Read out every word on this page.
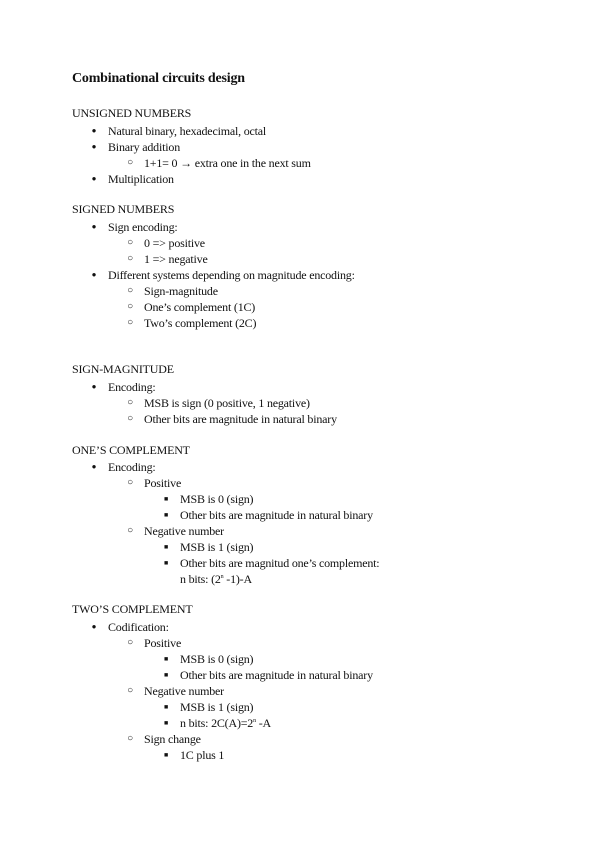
Combinational circuits design
UNSIGNED NUMBERS
●
Natural binary, hexadecimal, octal
●
Binary addition
○
1+1= 0 → extra one in the next sum
●
Multiplication
SIGNED NUMBERS
●
Sign encoding:
○
0 => positive
○
1 => negative
●
Different systems depending on magnitude encoding:
○
Sign-magnitude
○
One’s complement (1C)
○
Two’s complement (2C)
SIGN-MAGNITUDE
●
Encoding:
○
MSB is sign (0 positive, 1 negative)
○
Other bits are magnitude in natural binary
ONE’S COMPLEMENT
●
Encoding:
○
Positive
■
MSB is 0 (sign)
■
Other bits are magnitude in natural binary
○
Negative number
■
MSB is 1 (sign)
■
Other bits are magnitud one’s complement:
n bits: (2$^n$ -1)-A
TWO’S COMPLEMENT
●
Codification:
○
Positive
■
MSB is 0 (sign)
■
Other bits are magnitude in natural binary
○
Negative number
■
MSB is 1 (sign)
■
n bits: $2C(A)=2^n$ -A
○
Sign change
■
1C plus 1
